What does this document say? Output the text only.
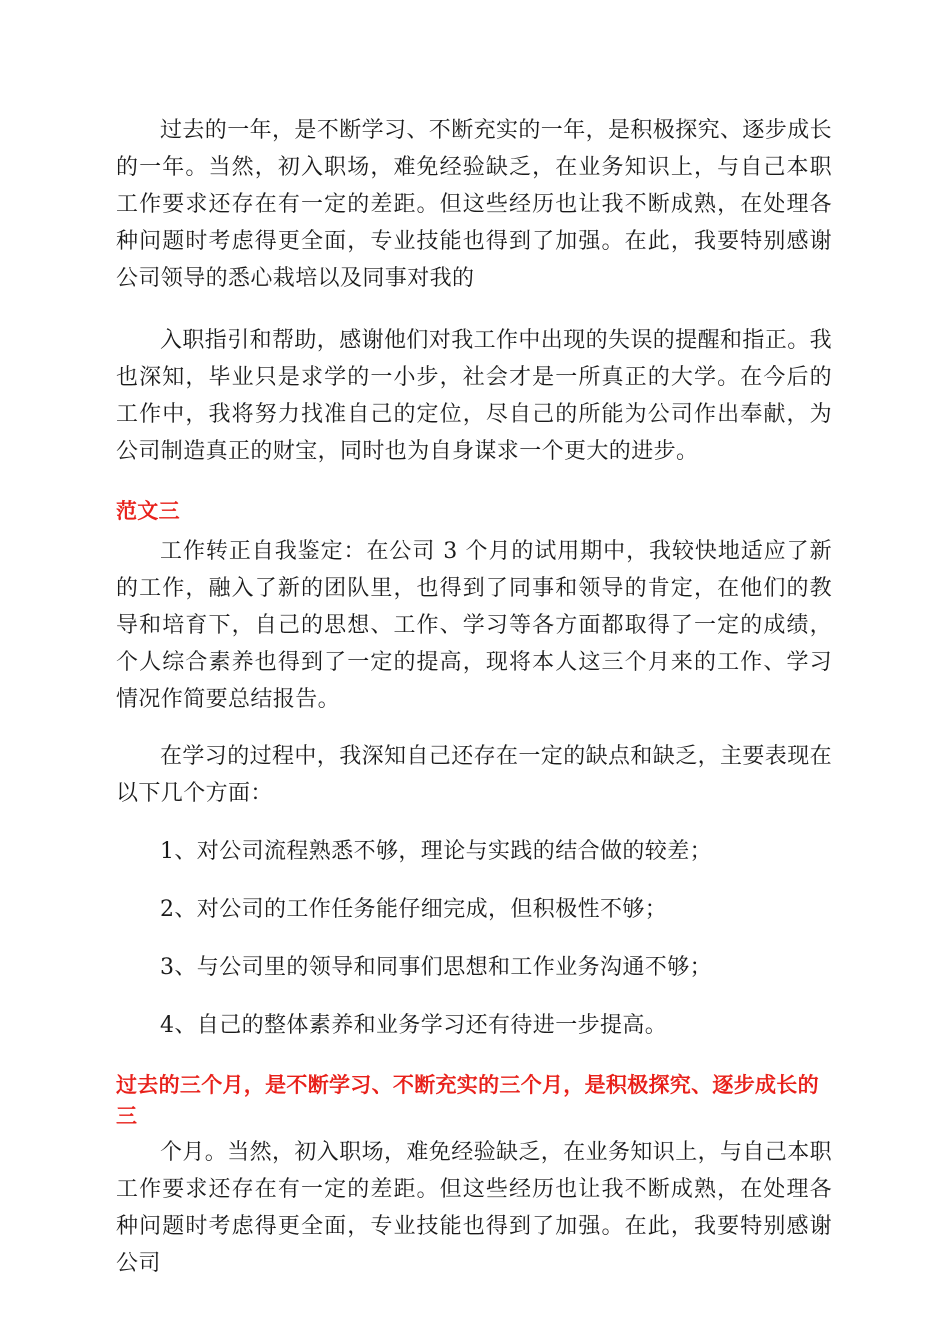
过去的一年，是不断学习、不断充实的一年，是积极探究、逐步成长的一年。当然，初入职场，难免经验缺乏，在业务知识上，与自己本职工作要求还存在有一定的差距。但这些经历也让我不断成熟，在处理各种问题时考虑得更全面，专业技能也得到了加强。在此，我要特别感谢公司领导的悉心栽培以及同事对我的

入职指引和帮助，感谢他们对我工作中出现的失误的提醒和指正。我也深知，毕业只是求学的一小步，社会才是一所真正的大学。在今后的工作中，我将努力找准自己的定位，尽自己的所能为公司作出奉献，为公司制造真正的财宝，同时也为自身谋求一个更大的进步。

范文三

工作转正自我鉴定：在公司 3 个月的试用期中，我较快地适应了新的工作，融入了新的团队里，也得到了同事和领导的肯定，在他们的教导和培育下，自己的思想、工作、学习等各方面都取得了一定的成绩，个人综合素养也得到了一定的提高，现将本人这三个月来的工作、学习情况作简要总结报告。

在学习的过程中，我深知自己还存在一定的缺点和缺乏，主要表现在以下几个方面：

1、对公司流程熟悉不够，理论与实践的结合做的较差；

2、对公司的工作任务能仔细完成，但积极性不够；

3、与公司里的领导和同事们思想和工作业务沟通不够；

4、自己的整体素养和业务学习还有待进一步提高。

过去的三个月，是不断学习、不断充实的三个月，是积极探究、逐步成长的三

个月。当然，初入职场，难免经验缺乏，在业务知识上，与自己本职工作要求还存在有一定的差距。但这些经历也让我不断成熟，在处理各种问题时考虑得更全面，专业技能也得到了加强。在此，我要特别感谢公司
